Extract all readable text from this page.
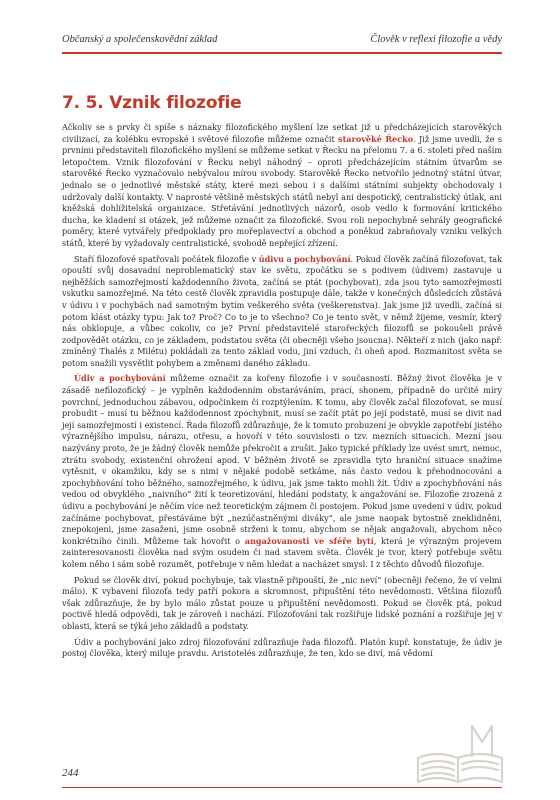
Občanský a společenskovědní základ	Člověk v reflexi filozofie a vědy
7. 5. Vznik filozofie

Ačkoliv se s prvky či spíše s náznaky filozofického myšlení lze setkat již u předcházejících starověkých civilizací, za kolébku evropské i světové filozofie můžeme označit starověké Řecko. Již jsme uvedli, že s prvními představiteli filozofického myšlení se můžeme setkat v Řecku na přelomu 7. a 6. století před naším letopočtem. Vznik filozofování v Řecku nebyl náhodný – oproti předcházejícím státním útvarům se starověké Řecko vyznačovalo nebývalou mírou svobody. Starověké Řecko netvořilo jednotný státní útvar, jednalo se o jednotlivé městské státy, které mezi sebou i s dalšími státními subjekty obchodovaly i udržovaly další kontakty. V naprosté většině městských států nebyl ani despotický, centralistický útlak, ani kněžská dohlížitelská organizace. Střetávání jednotlivých názorů, osob vedlo k formování kritického ducha, ke kladení si otázek, jež můžeme označit za filozofické. Svou roli nepochybně sehrály geografické poměry, které vytvářely předpoklady pro mořeplavectví a obchod a poněkud zabraňovaly vzniku velkých států, které by vyžadovaly centralistické, svobodě nepřející zřízení.

Staří filozofové spatřovali počátek filozofie v údivu a pochybování. Pokud člověk začíná filozofovat, tak opouští svůj dosavadní neproblematický stav ke světu, zpočátku se s podivem (údivem) zastavuje u nejběžších samozřejmostí každodenního života, začíná se ptát (pochybovat), zda jsou tyto samozřejmosti vskutku samozřejmé. Na této cestě člověk zpravidla postupuje dále, takže v konečných důsledcích zůstává v údivu i v pochybách nad samotným bytím veškerého světa (veškerenstva). Jak jsme již uvedli, začíná si potom klást otázky typu: Jak to? Proč? Co to je to všechno? Co je tento svět, v němž žijeme, vesmír, který nás obklopuje, a vůbec cokoliv, co je? První představitelé starořeckých filozofů se pokoušeli právě zodpovědět otázku, co je základem, podstatou světa (či obecněji všeho jsoucna). Někteří z nich (jako např. zmíněný Thalés z Milétu) pokládali za tento základ vodu, jiní vzduch, či oheň apod. Rozmanitost světa se potom snažili vysvětlit pohybem a změnami daného základu.

Údiv a pochybování můžeme označit za kořeny filozofie i v současnosti. Běžný život člověka je v zásadě nefilozofický – je vyplněn každodenním obstaráváním, prací, shonem, případně do určité míry povrchní, jednoduchou zábavou, odpočinkem či rozptýlením. K tomu, aby člověk začal filozofovat, se musí probudit – musí tu běžnou každodennost zpochybnit, musí se začít ptát po její podstatě, musí se divit nad její samozřejmostí i existencí. Řada filozofů zdůrazňuje, že k tomuto probuzení je obvykle zapotřebí jistého výraznějšího impulsu, nárazu, otřesu, a hovoří v této souvislosti o tzv. mezních situacích. Mezní jsou nazývány proto, že je žádný člověk nemůže překročit a zrušit. Jako typické příklady lze uvést smrt, nemoc, ztrátu svobody, existenční ohrožení apod. V běžném životě se zpravidla tyto hraniční situace snažíme vytěsnit, v okamžiku, kdy se s nimi v nějaké podobě setkáme, nás často vedou k přehodnocování a zpochybňování toho běžného, samozřejmého, k údivu, jak jsme takto mohli žít. Údiv a zpochybňování nás vedou od obvyklého „naivního“ žití k teoretizování, hledání podstaty, k angažování se. Filozofie zrozená z údivu a pochybování je něčím více než teoretickým zájmem či postojem. Pokud jsme uvedeni v údiv, pokud začínáme pochybovat, přestáváme být „nezúčastněnými diváky“, ale jsme naopak bytostně zneklidněni, znepokojeni, jsme zasaženi, jsme osobně strženi k tomu, abychom se nějak angažovali, abychom něco konkrétního činili. Můžeme tak hovořit o angažovanosti ve sféře bytí, která je výrazným projevem zainteresovanosti člověka nad svým osudem či nad stavem světa. Člověk je tvor, který potřebuje světu kolem něho i sám sobě rozumět, potřebuje v něm hledat a nacházet smysl. I z těchto důvodů filozofuje.

Pokud se člověk diví, pokud pochybuje, tak vlastně připouští, že „nic neví“ (obecněji řečeno, že ví velmi málo). K vybavení filozofa tedy patří pokora a skromnost, připuštění této nevědomosti. Většina filozofů však zdůrazňuje, že by bylo málo zůstat pouze u připuštění nevědomosti. Pokud se člověk ptá, pokud poctivě hledá odpovědi, tak je zároveň i nachází. Filozofování tak rozšiřuje lidské poznání a rozšiřuje jej v oblasti, která se týká jeho základů a podstaty.

Údiv a pochybování jako zdroj filozofování zdůrazňuje řada filozofů. Platón kupř. konstatuje, že údiv je postoj člověka, který miluje pravdu. Aristotelés zdůrazňuje, že ten, kdo se diví, má vědomí

244
